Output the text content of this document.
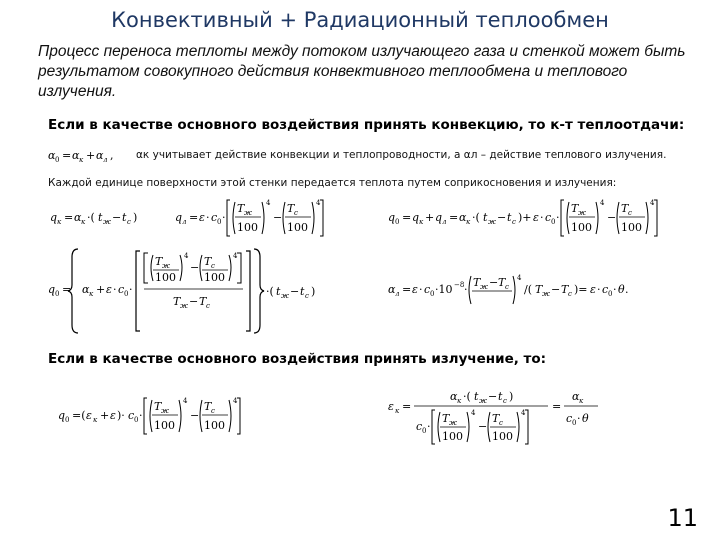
Конвективный + Радиационный теплообмен
Процесс переноса теплоты между потоком излучающего газа и стенкой может быть результатом совокупного действия конвективного теплообмена и теплового излучения.
Если в качестве основного воздействия принять конвекцию, то к-т теплоотдачи:
α 0 = α к + α л , αк учитывает действие конвекции и теплопроводности, а αл – действие теплового излучения.
Каждой единице поверхности этой стенки передается теплота путем соприкосновения и излучения:
q к = α к ·( t ж − t с )	q л = ε · c 0 ·
T ж
100
4
−
T с
100
4
q 0 = q к + q л = α к ·( t ж − t с )+ ε · c 0 ·
T ж
100
4
−
T с
100
4
q 0 = α к + ε · c 0 ·
T ж
100
4
− T с
100
4
T ж − T с
·( t ж − t с )	α л = ε · c 0 ·10 −8 ·
T ж − T с
4
/( T ж − T с )= ε · c 0 · θ .
Если в качестве основного воздействия принять излучение, то:
q 0 =( ε к + ε )· c 0 ·
T ж
100
4
−
T с
100
4	ε к =
α к ·( t ж − t с )
c 0 ·
T ж
100
4
−
T с
100
4 =
α к
c 0 · θ
11
